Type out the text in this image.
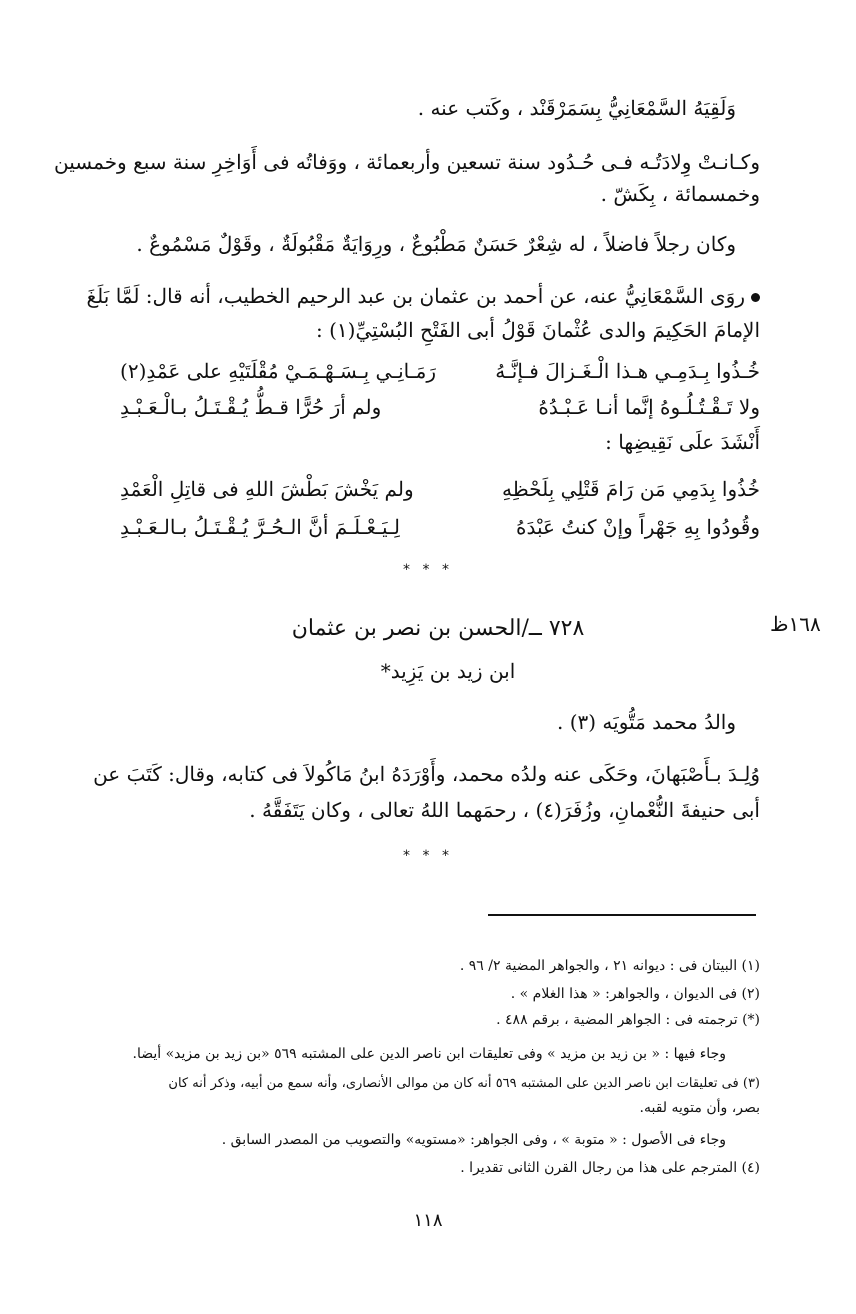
وَلَقِيَهُ السَّمْعَانِيُّ بِسَمَرْقَنْد ، وكَتب عنه .
وكـانـتْ وِلادَتُـه فـى حُـدُود سنة تسعين وأربعمائة ، ووَفاتُه فى أَوَاخِرِ سنة سبع وخمسين
وخمسمائة ، بِكَشّ .
وكان رجلاً فاضلاً ، له شِعْرٌ حَسَنٌ مَطْبُوعٌ ، ورِوَايَةٌ مَقْبُولَةٌ ، وقَوْلٌ مَسْمُوعٌ .
روَى السَّمْعَانِيُّ عنه، عن أحمد بن عثمان بن عبد الرحيم الخطيب، أنه قال: لَمَّا بَلَغَ
الإمامَ الحَكِيمَ والدى عُثْمانَ قَوْلُ أبى الفَتْحِ البُسْتِيِّ(١) :
خُـذُوا بِـدَمِـي هـذا الْـغَـزالَ فـإنَّـهُ
رَمَـانِـي بِـسَـهْـمَـيْ مُقْلَتَيْهِ على عَمْدِ(٢)
ولا تَـقْـتُـلُـوهُ إنَّما أنـا عَـبْـدُهُ
ولم أرَ حُرًّا قـطُّ يُـقْـتَـلُ بـالْـعَـبْـدِ
أَنْشَدَ علَى نَقِيضِها :
خُذُوا بِدَمِي مَن رَامَ قَتْلِي بِلَحْظِهِ
ولم يَخْشَ بَطْشَ اللهِ فى قاتِلِ الْعَمْدِ
وقُودُوا بِهِ جَهْراً وإنْ كنتُ عَبْدَهُ
لِـيَـعْـلَـمَ أنَّ الـحُـرَّ يُـقْـتَـلُ بـالـعَـبْـدِ
* * *
١٦٨ظ
٧٢٨ ــ/الحسن بن نصر بن عثمان
ابن زيد بن يَزِيد*
والدُ محمد مَتُّويَه (٣) .
وُلِـدَ بـأَصْبَهانَ، وحَكَى عنه ولدُه محمد، وأَوْرَدَهُ ابنُ مَاكُولاَ فى كتابه، وقال: كَتَبَ عن
أبى حنيفةَ النُّعْمانِ، وزُفَرَ(٤) ، رحمَهما اللهُ تعالى ، وكان يَتَفَقَّهُ .
* * *
(١) البيتان فى : ديوانه ٢١ ، والجواهر المضية ٢/ ٩٦ .
(٢) فى الديوان ، والجواهر: « هذا الغلام » .
(*) ترجمته فى : الجواهر المضية ، برقم ٤٨٨ .
وجاء فيها : « بن زيد بن مزيد » وفى تعليقات ابن ناصر الدين على المشتبه ٥٦٩ «بن زيد بن مزيد» أيضا.
(٣) فى تعليقات ابن ناصر الدين على المشتبه ٥٦٩ أنه كان من موالى الأنصارى، وأنه سمع من أبيه، وذكر أنه كان
بصر، وأن متويه لقبه.
وجاء فى الأصول : « متوبة » ، وفى الجواهر: «مستويه» والتصويب من المصدر السابق .
(٤) المترجم على هذا من رجال القرن الثانى تقديرا .
١١٨
